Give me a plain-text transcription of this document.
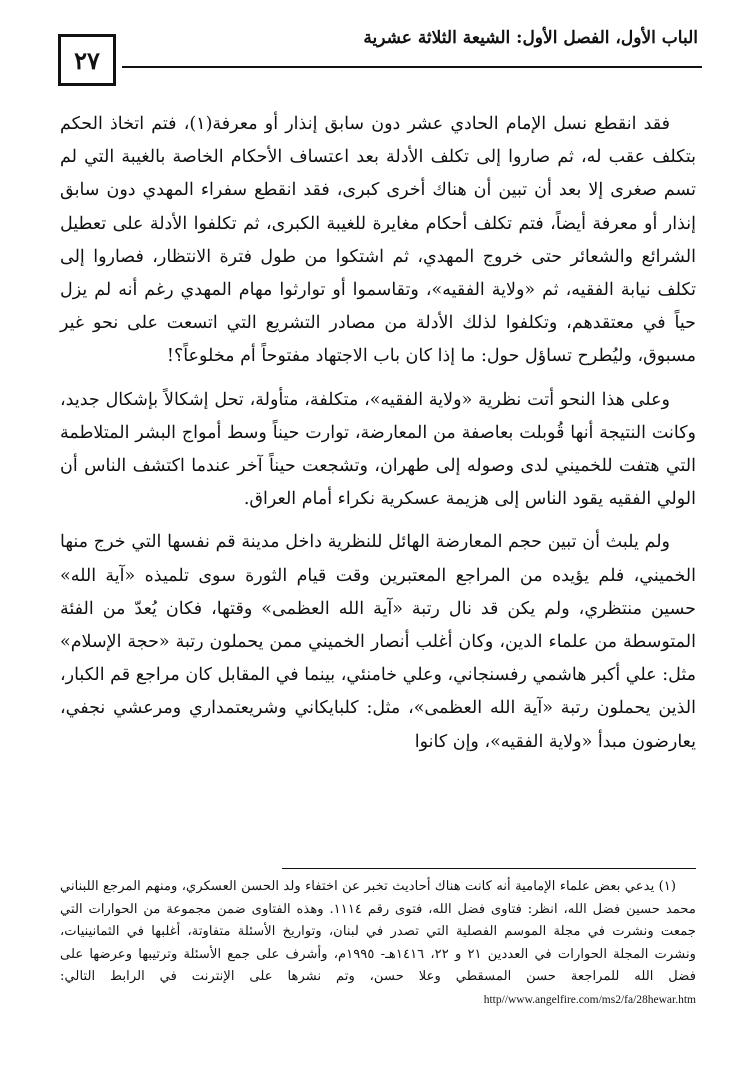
٢٧
الباب الأول، الفصل الأول: الشيعة الثلاثة عشرية

فقد انقطع نسل الإمام الحادي عشر دون سابق إنذار أو معرفة(١)، فتم اتخاذ الحكم بتكلف عقب له، ثم صاروا إلى تكلف الأدلة بعد اعتساف الأحكام الخاصة بالغيبة التي لم تسم صغرى إلا بعد أن تبين أن هناك أخرى كبرى، فقد انقطع سفراء المهدي دون سابق إنذار أو معرفة أيضاً، فتم تكلف أحكام مغايرة للغيبة الكبرى، ثم تكلفوا الأدلة على تعطيل الشرائع والشعائر حتى خروج المهدي، ثم اشتكوا من طول فترة الانتظار، فصاروا إلى تكلف نيابة الفقيه، ثم «ولاية الفقيه»، وتقاسموا أو توارثوا مهام المهدي رغم أنه لم يزل حياً في معتقدهم، وتكلفوا لذلك الأدلة من مصادر التشريع التي اتسعت على نحو غير مسبوق، وليُطرح تساؤل حول: ما إذا كان باب الاجتهاد مفتوحاً أم مخلوعاً؟!

وعلى هذا النحو أتت نظرية «ولاية الفقيه»، متكلفة، متأولة، تحل إشكالاً بإشكال جديد، وكانت النتيجة أنها قُوبلت بعاصفة من المعارضة، توارت حيناً وسط أمواج البشر المتلاطمة التي هتفت للخميني لدى وصوله إلى طهران، وتشجعت حيناً آخر عندما اكتشف الناس أن الولي الفقيه يقود الناس إلى هزيمة عسكرية نكراء أمام العراق.

ولم يلبث أن تبين حجم المعارضة الهائل للنظرية داخل مدينة قم نفسها التي خرج منها الخميني، فلم يؤيده من المراجع المعتبرين وقت قيام الثورة سوى تلميذه «آية الله» حسين منتظري، ولم يكن قد نال رتبة «آية الله العظمى» وقتها، فكان يُعدّ من الفئة المتوسطة من علماء الدين، وكان أغلب أنصار الخميني ممن يحملون رتبة «حجة الإسلام» مثل: علي أكبر هاشمي رفسنجاني، وعلي خامنئي، بينما في المقابل كان مراجع قم الكبار، الذين يحملون رتبة «آية الله العظمى»، مثل: كلبايكاني وشريعتمداري ومرعشي نجفي، يعارضون مبدأ «ولاية الفقيه»، وإن كانوا

(١) يدعي بعض علماء الإمامية أنه كانت هناك أحاديث تخبر عن اختفاء ولد الحسن العسكري، ومنهم المرجع اللبناني محمد حسين فضل الله، انظر: فتاوى فضل الله، فتوى رقم ١١١٤. وهذه الفتاوى ضمن مجموعة من الحوارات التي جمعت ونشرت في مجلة الموسم الفصلية التي تصدر في لبنان، وتواريخ الأسئلة متفاوتة، أغلبها في الثمانينيات، ونشرت المجلة الحوارات في العددين ٢١ و ٢٢، ١٤١٦هـ- ١٩٩٥م، وأشرف على جمع الأسئلة وترتيبها وعرضها على فضل الله للمراجعة حسن المسقطي وعلا حسن، وتم نشرها على الإنترنت في الرابط التالي: http//www.angelfire.com/ms2/fa/28hewar.htm
